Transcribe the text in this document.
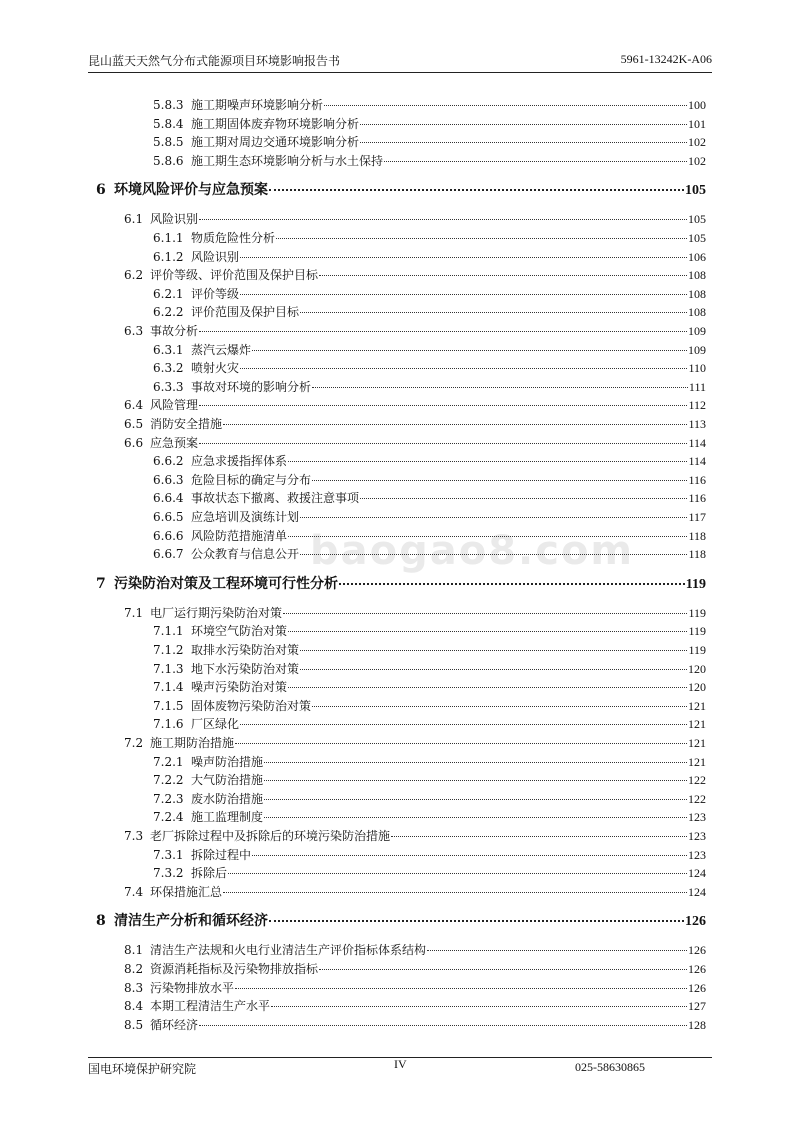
昆山蓝天天然气分布式能源项目环境影响报告书	5961-13242K-A06
baogao8.com
5.8.3 施工期噪声环境影响分析	100
5.8.4 施工期固体废弃物环境影响分析	101
5.8.5 施工期对周边交通环境影响分析	102
5.8.6 施工期生态环境影响分析与水土保持	102
6 环境风险评价与应急预案	105
6.1 风险识别	105
6.1.1 物质危险性分析	105
6.1.2 风险识别	106
6.2 评价等级、评价范围及保护目标	108
6.2.1 评价等级	108
6.2.2 评价范围及保护目标	108
6.3 事故分析	109
6.3.1 蒸汽云爆炸	109
6.3.2 喷射火灾	110
6.3.3 事故对环境的影响分析	111
6.4 风险管理	112
6.5 消防安全措施	113
6.6 应急预案	114
6.6.2 应急求援指挥体系	114
6.6.3 危险目标的确定与分布	116
6.6.4 事故状态下撤离、救援注意事项	116
6.6.5 应急培训及演练计划	117
6.6.6 风险防范措施清单	118
6.6.7 公众教育与信息公开	118
7 污染防治对策及工程环境可行性分析	119
7.1 电厂运行期污染防治对策	119
7.1.1 环境空气防治对策	119
7.1.2 取排水污染防治对策	119
7.1.3 地下水污染防治对策	120
7.1.4 噪声污染防治对策	120
7.1.5 固体废物污染防治对策	121
7.1.6 厂区绿化	121
7.2 施工期防治措施	121
7.2.1 噪声防治措施	121
7.2.2 大气防治措施	122
7.2.3 废水防治措施	122
7.2.4 施工监理制度	123
7.3 老厂拆除过程中及拆除后的环境污染防治措施	123
7.3.1 拆除过程中	123
7.3.2 拆除后	124
7.4 环保措施汇总	124
8 清洁生产分析和循环经济	126
8.1 清洁生产法规和火电行业清洁生产评价指标体系结构	126
8.2 资源消耗指标及污染物排放指标	126
8.3 污染物排放水平	126
8.4 本期工程清洁生产水平	127
8.5 循环经济	128
国电环境保护研究院	IV	025-58630865
